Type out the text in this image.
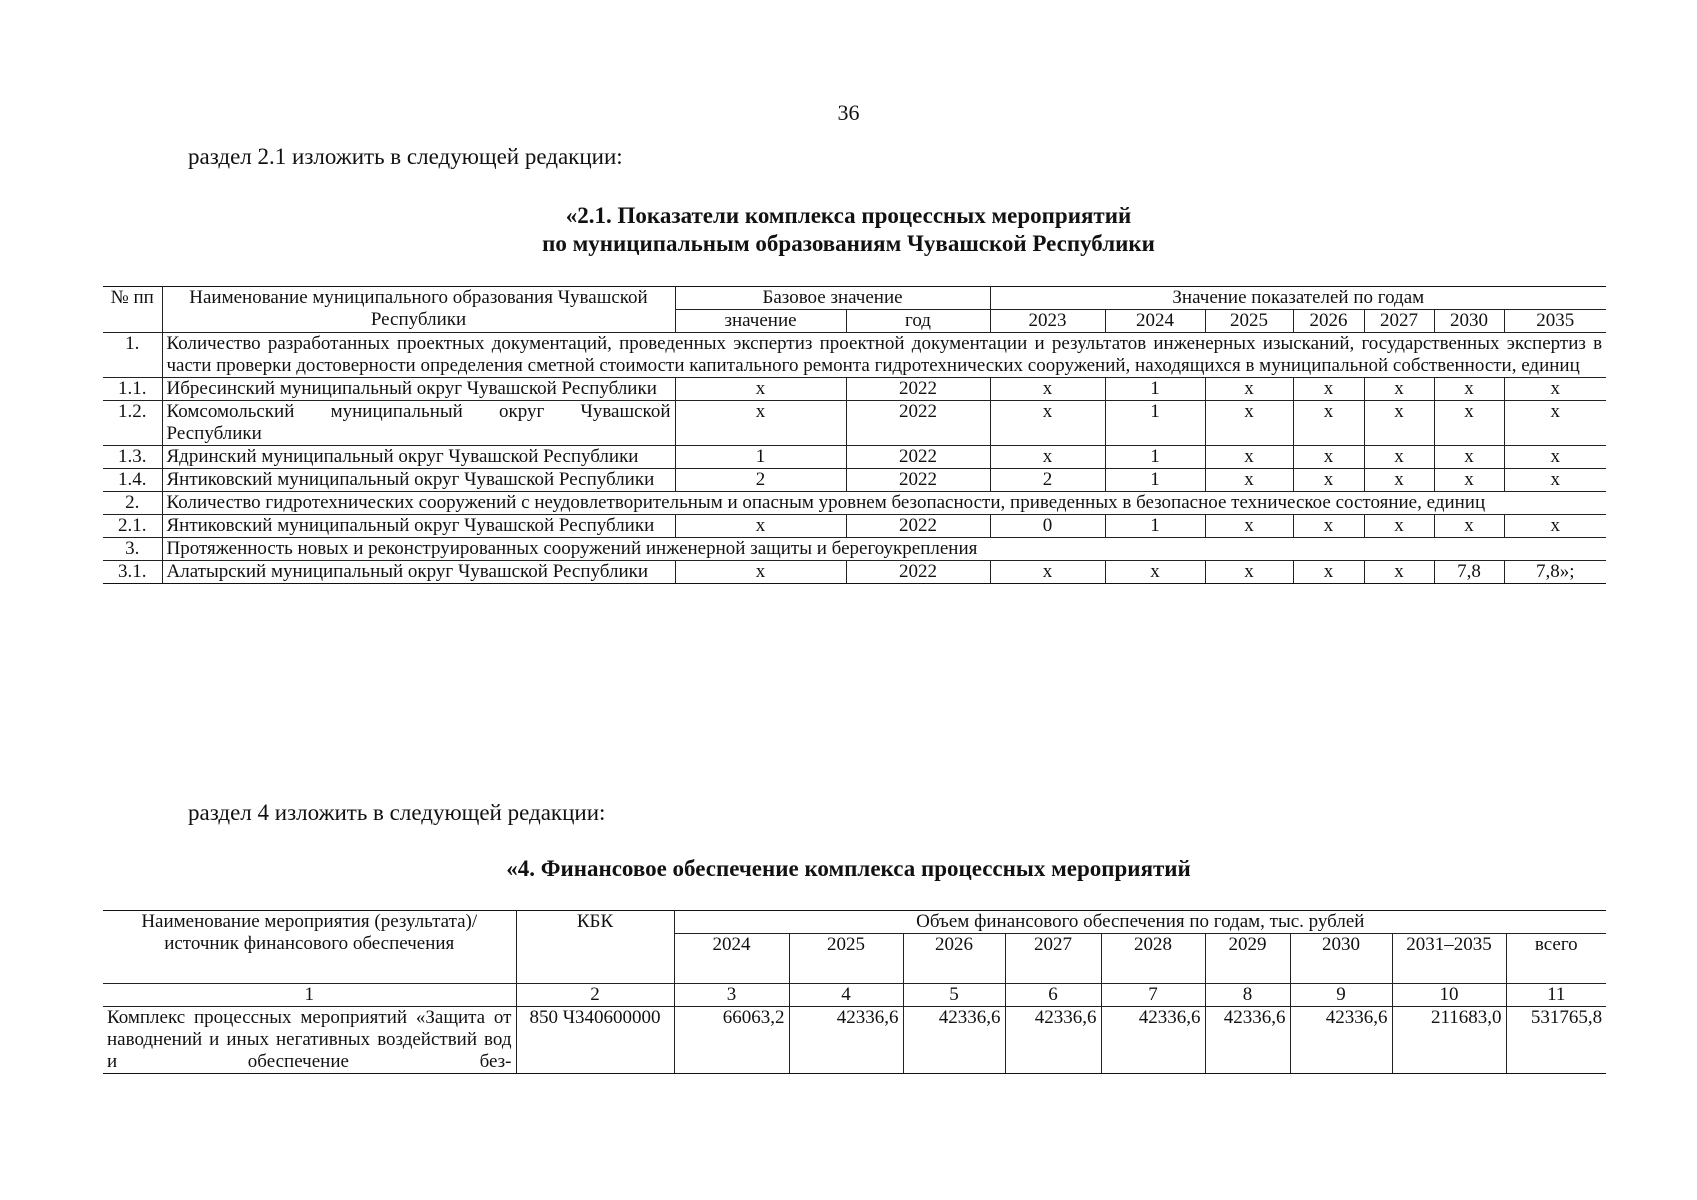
36
раздел 2.1 изложить в следующей редакции:
«2.1. Показатели комплекса процессных мероприятий
по муниципальным образованиям Чувашской Республики
№ пп	Наименование муниципального образования Чувашской Республики	Базовое значение		Значение показателей по годам						
		значение	год	2023	2024	2025	2026	2027	2030	2035
1.	Количество разработанных проектных документаций, проведенных экспертиз проектной документации и результатов инженерных изысканий, государственных экспертиз в части проверки достоверности определения сметной стоимости капитального ремонта гидротехнических сооружений, находящихся в муниципальной собственности, единиц									
1.1.	Ибресинский муниципальный округ Чувашской Республики	x	2022	x	1	x	x	x	x	x
1.2.	Комсомольский муниципальный округ Чувашской Республики	x	2022	x	1	x	x	x	x	x
1.3.	Ядринский муниципальный округ Чувашской Республики	1	2022	x	1	x	x	x	x	x
1.4.	Янтиковский муниципальный округ Чувашской Республики	2	2022	2	1	x	x	x	x	x
2.	Количество гидротехнических сооружений с неудовлетворительным и опасным уровнем безопасности, приведенных в безопасное техническое состояние, единиц									
2.1.	Янтиковский муниципальный округ Чувашской Республики	x	2022	0	1	x	x	x	x	x
3.	Протяженность новых и реконструированных сооружений инженерной защиты и берегоукрепления									
3.1.	Алатырский муниципальный округ Чувашской Республики	x	2022	x	x	x	x	x	7,8	7,8»;
раздел 4 изложить в следующей редакции:
«4. Финансовое обеспечение комплекса процессных мероприятий
Наименование мероприятия (результата)/источник финансового обеспечения	КБК	Объем финансового обеспечения по годам, тыс. рублей								
		2024	2025	2026	2027	2028	2029	2030	2031–2035	всего
1	2	3	4	5	6	7	8	9	10	11
Комплекс процессных мероприятий «Защита от наводнений и иных негативных воздействий вод и обеспечение без-	850 Ч340600000	66063,2	42336,6	42336,6	42336,6	42336,6	42336,6	42336,6	211683,0	531765,8
